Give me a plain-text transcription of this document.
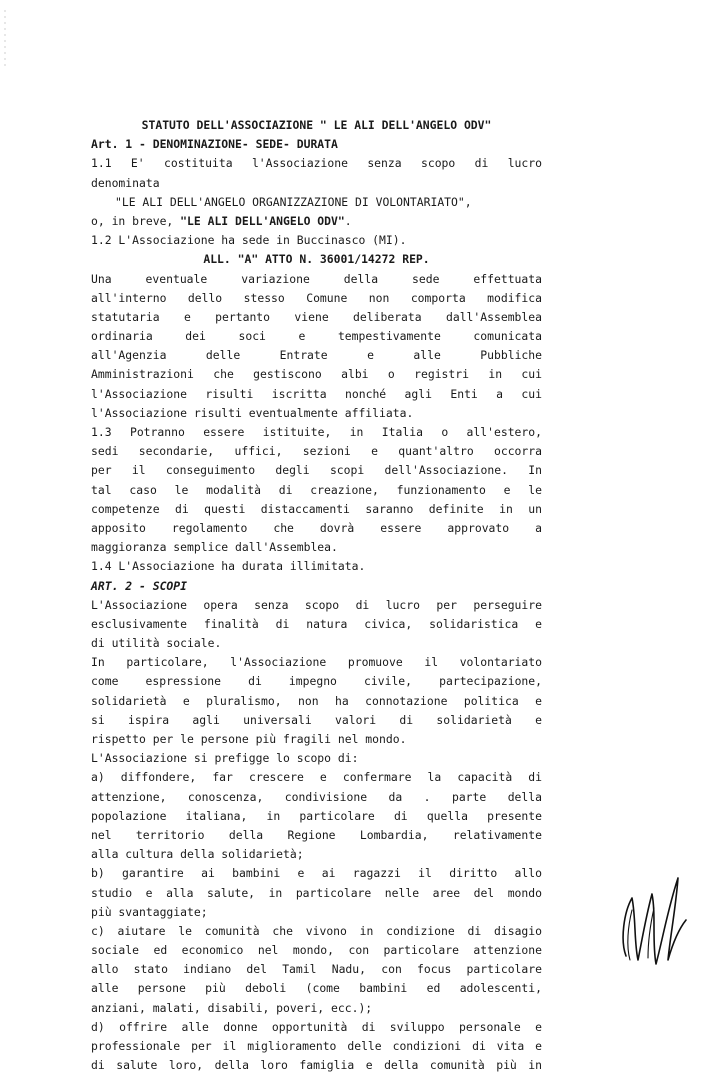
STATUTO DELL'ASSOCIAZIONE " LE ALI DELL'ANGELO ODV"
Art. 1 - DENOMINAZIONE- SEDE- DURATA
1.1 E' costituita l'Associazione senza scopo di lucro
denominata
"LE ALI DELL'ANGELO ORGANIZZAZIONE DI VOLONTARIATO",
o, in breve, "LE ALI DELL'ANGELO ODV".
1.2 L'Associazione ha sede in Buccinasco (MI).
ALL. "A" ATTO N. 36001/14272 REP.
Una eventuale variazione della sede effettuata
all'interno dello stesso Comune non comporta modifica
statutaria e pertanto viene deliberata dall'Assemblea
ordinaria dei soci e tempestivamente comunicata
all'Agenzia delle Entrate e alle Pubbliche
Amministrazioni che gestiscono albi o registri in cui
l'Associazione risulti iscritta nonché agli Enti a cui
l'Associazione risulti eventualmente affiliata.
1.3 Potranno essere istituite, in Italia o all'estero,
sedi secondarie, uffici, sezioni e quant'altro occorra
per il conseguimento degli scopi dell'Associazione. In
tal caso le modalità di creazione, funzionamento e le
competenze di questi distaccamenti saranno definite in un
apposito regolamento che dovrà essere approvato a
maggioranza semplice dall'Assemblea.
1.4 L'Associazione ha durata illimitata.
ART. 2 - SCOPI
L'Associazione opera senza scopo di lucro per perseguire
esclusivamente finalità di natura civica, solidaristica e
di utilità sociale.
In particolare, l'Associazione promuove il volontariato
come espressione di impegno civile, partecipazione,
solidarietà e pluralismo, non ha connotazione politica e
si ispira agli universali valori di solidarietà e
rispetto per le persone più fragili nel mondo.
L'Associazione si prefigge lo scopo di:
a) diffondere, far crescere e confermare la capacità di
attenzione, conoscenza, condivisione da . parte della
popolazione italiana, in particolare di quella presente
nel territorio della Regione Lombardia, relativamente
alla cultura della solidarietà;
b) garantire ai bambini e ai ragazzi il diritto allo
studio e alla salute, in particolare nelle aree del mondo
più svantaggiate;
c) aiutare le comunità che vivono in condizione di disagio
sociale ed economico nel mondo, con particolare attenzione
allo stato indiano del Tamil Nadu, con focus particolare
alle persone più deboli (come bambini ed adolescenti,
anziani, malati, disabili, poveri, ecc.);
d) offrire alle donne opportunità di sviluppo personale e
professionale per il miglioramento delle condizioni di vita e
di salute loro, della loro famiglia e della comunità più in
